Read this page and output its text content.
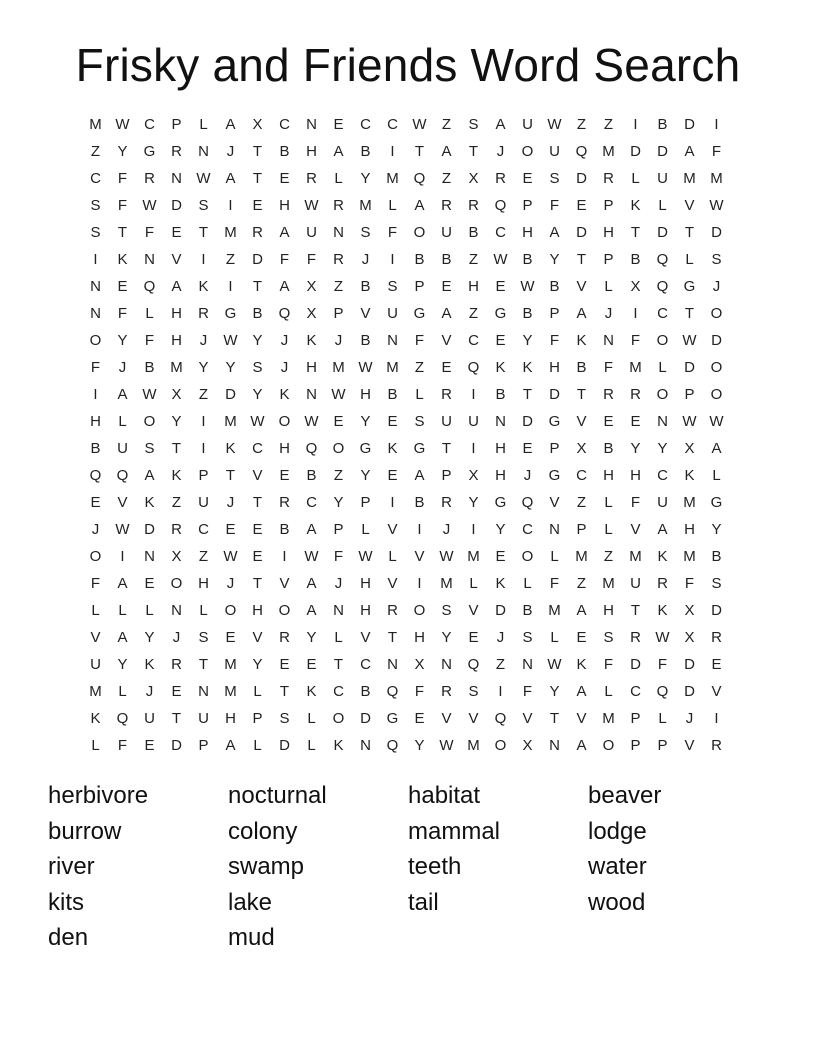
Frisky and Friends Word Search
M W C	P	L	A	X	C	N	E	C	C W	Z	S	A	U W	Z	Z	I	B	D	I
Z	Y	G	R	N	J	T	B	H	A	B	I	T	A	T	J	O	U	Q M	D	D	A	F
C	F	R	N W A	T	E	R	L	Y	M Q	Z	X	R	E	S	D	R	L	U	M M
S	F	W D	S	I	E	H W R	M	L	A	R	R	Q	P	F	E	P	K	L	V W
S	T	F	E	T	M	R	A	U	N	S	F	O	U	B	C	H	A	D	H	T	D	T	D
I	K	N	V	I	Z	D	F	F	R	J	I	B	B	Z	W B	Y	T	P	B	Q	L	S
N	E	Q	A	K	I	T	A	X	Z	B	S	P	E	H	E W B	V	L	X	Q	G	J
N	F	L	H	R	G	B	Q	X	P	V	U	G	A	Z	G	B	P	A	J	I	C	T	O
O	Y	F	H	J	W Y	J	K	J	B	N	F	V	C	E	Y	F	K	N	F	O W D
F	J	B	M	Y	Y	S	J	H	M W M	Z	E	Q	K	K	H	B	F	M	L	D	O
I	A W X	Z	D	Y	K	N W H	B	L	R	I	B	T	D	T	R	R	O	P	O
H	L	O	Y	I	M W O W E	Y	E	S	U	U	N	D	G	V	E	E	N W W
B	U	S	T	I	K	C	H	Q	O	G	K	G	T	I	H	E	P	X	B	Y	Y	X	A
Q	Q	A	K	P	T	V	E	B	Z	Y	E	A	P	X	H	J	G	C	H	H	C	K	L
E	V	K	Z	U	J	T	R	C	Y	P	I	B	R	Y	G	Q	V	Z	L	F	U	M G
J	W D	R	C	E	E	B	A	P	L	V	I	J	I	Y	C	N	P	L	V	A	H	Y
O	I	N	X	Z	W E	I	W	F	W	L	V W M	E	O	L	M	Z	M	K	M	B
F	A	E	O	H	J	T	V	A	J	H	V	I	M	L	K	L	F	Z	M	U	R	F	S
L	L	L	N	L	O	H	O	A	N	H	R	O	S	V	D	B	M	A	H	T	K	X	D
V	A	Y	J	S	E	V	R	Y	L	V	T	H	Y	E	J	S	L	E	S	R W X	R
U	Y	K	R	T	M	Y	E	E	T	C	N	X	N	Q	Z	N W K	F	D	F	D	E
M	L	J	E	N	M	L	T	K	C	B	Q	F	R	S	I	F	Y	A	L	C	Q	D	V
K	Q	U	T	U	H	P	S	L	O	D	G	E	V	V	Q	V	T	V	M	P	L	J	I
L	F	E	D	P	A	L	D	L	K	N	Q	Y W M O	X	N	A	O	P	P	V	R
herbivore	nocturnal	habitat	beaver
burrow	colony	mammal	lodge
river	swamp	teeth	water
kits	lake	tail	wood
den	mud
